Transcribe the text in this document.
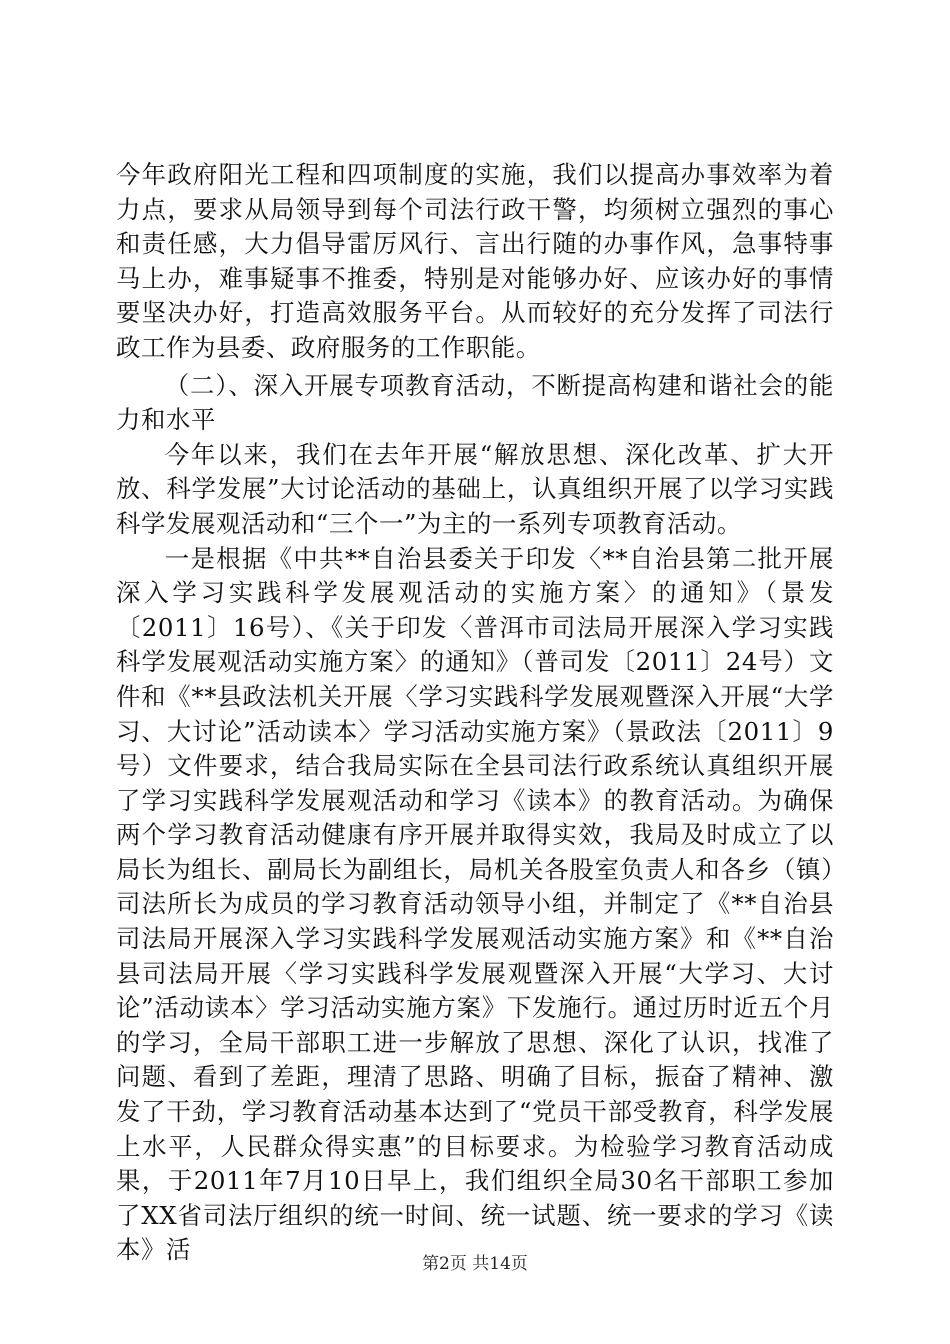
今年政府阳光工程和四项制度的实施，我们以提高办事效率为着力点，要求从局领导到每个司法行政干警，均须树立强烈的事心和责任感，大力倡导雷厉风行、言出行随的办事作风，急事特事马上办，难事疑事不推委，特别是对能够办好、应该办好的事情要坚决办好，打造高效服务平台。从而较好的充分发挥了司法行政工作为县委、政府服务的工作职能。

（二）、深入开展专项教育活动，不断提高构建和谐社会的能力和水平

今年以来，我们在去年开展“解放思想、深化改革、扩大开放、科学发展”大讨论活动的基础上，认真组织开展了以学习实践科学发展观活动和“三个一”为主的一系列专项教育活动。

一是根据《中共**自治县委关于印发〈**自治县第二批开展深入学习实践科学发展观活动的实施方案〉的通知》（景发〔2011〕16号）、《关于印发〈普洱市司法局开展深入学习实践科学发展观活动实施方案〉的通知》（普司发〔2011〕24号）文件和《**县政法机关开展〈学习实践科学发展观暨深入开展“大学习、大讨论”活动读本〉学习活动实施方案》（景政法〔2011〕9号）文件要求，结合我局实际在全县司法行政系统认真组织开展了学习实践科学发展观活动和学习《读本》的教育活动。为确保两个学习教育活动健康有序开展并取得实效，我局及时成立了以局长为组长、副局长为副组长，局机关各股室负责人和各乡（镇）司法所长为成员的学习教育活动领导小组，并制定了《**自治县司法局开展深入学习实践科学发展观活动实施方案》和《**自治县司法局开展〈学习实践科学发展观暨深入开展“大学习、大讨论”活动读本〉学习活动实施方案》下发施行。通过历时近五个月的学习，全局干部职工进一步解放了思想、深化了认识，找准了问题、看到了差距，理清了思路、明确了目标，振奋了精神、激发了干劲，学习教育活动基本达到了“党员干部受教育，科学发展上水平，人民群众得实惠”的目标要求。为检验学习教育活动成果，于2011年7月10日早上，我们组织全局30名干部职工参加了XX省司法厅组织的统一时间、统一试题、统一要求的学习《读本》活	第2页 共14页
